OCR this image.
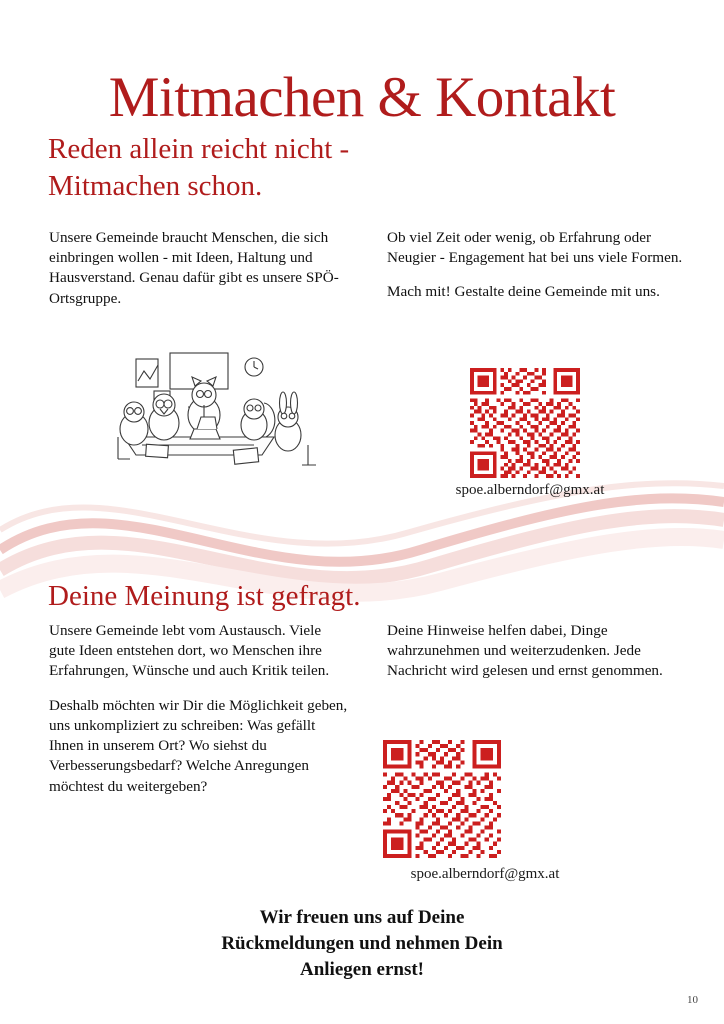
Mitmachen & Kontakt
Reden allein reicht nicht -
Mitmachen schon.

Unsere Gemeinde braucht Menschen, die sich einbringen wollen - mit Ideen, Haltung und Hausverstand. Genau dafür gibt es unsere SPÖ-Ortsgruppe.

Ob viel Zeit oder wenig, ob Erfahrung oder Neugier - Engagement hat bei uns viele Formen.

Mach mit! Gestalte deine Gemeinde mit uns.

spoe.alberndorf@gmx.at
Deine Meinung ist gefragt.

Unsere Gemeinde lebt vom Austausch. Viele gute Ideen entstehen dort, wo Menschen ihre Erfahrungen, Wünsche und auch Kritik teilen.

Deshalb möchten wir Dir die Möglichkeit geben, uns unkompliziert zu schreiben: Was gefällt Ihnen in unserem Ort? Wo siehst du Verbesserungsbedarf? Welche Anregungen möchtest du weitergeben?

Deine Hinweise helfen dabei, Dinge wahrzunehmen und weiterzudenken. Jede Nachricht wird gelesen und ernst genommen.

spoe.alberndorf@gmx.at
Wir freuen uns auf Deine
Rückmeldungen und nehmen Dein
Anliegen ernst!
10
